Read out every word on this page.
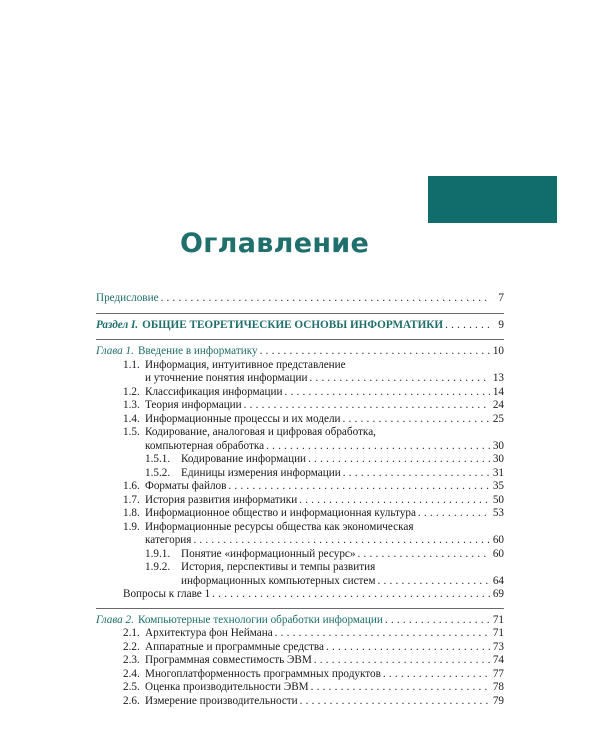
Оглавление
Предисловие . . .	7
Раздел I. ОБЩИЕ ТЕОРЕТИЧЕСКИЕ ОСНОВЫ ИНФОРМАТИКИ . . .	9
Глава 1. Введение в информатику . . .	10
1.1. Информация, интуитивное представление
и уточнение понятия информации . . .	13
1.2. Классификация информации . . .	14
1.3. Теория информации . . .	24
1.4. Информационные процессы и их модели . . .	25
1.5. Кодирование, аналоговая и цифровая обработка,
компьютерная обработка . . .	30
1.5.1. Кодирование информации . . .	30
1.5.2. Единицы измерения информации . . .	31
1.6. Форматы файлов . . .	35
1.7. История развития информатики . . .	50
1.8. Информационное общество и информационная культура . . .	53
1.9. Информационные ресурсы общества как экономическая
категория . . .	60
1.9.1. Понятие «информационный ресурс» . . .	60
1.9.2. История, перспективы и темпы развития
информационных компьютерных систем . . .	64
Вопросы к главе 1 . . .	69
Глава 2. Компьютерные технологии обработки информации . . .	71
2.1. Архитектура фон Неймана . . .	71
2.2. Аппаратные и программные средства . . .	73
2.3. Программная совместимость ЭВМ . . .	74
2.4. Многоплатформенность программных продуктов . . .	77
2.5. Оценка производительности ЭВМ . . .	78
2.6. Измерение производительности . . .	79
